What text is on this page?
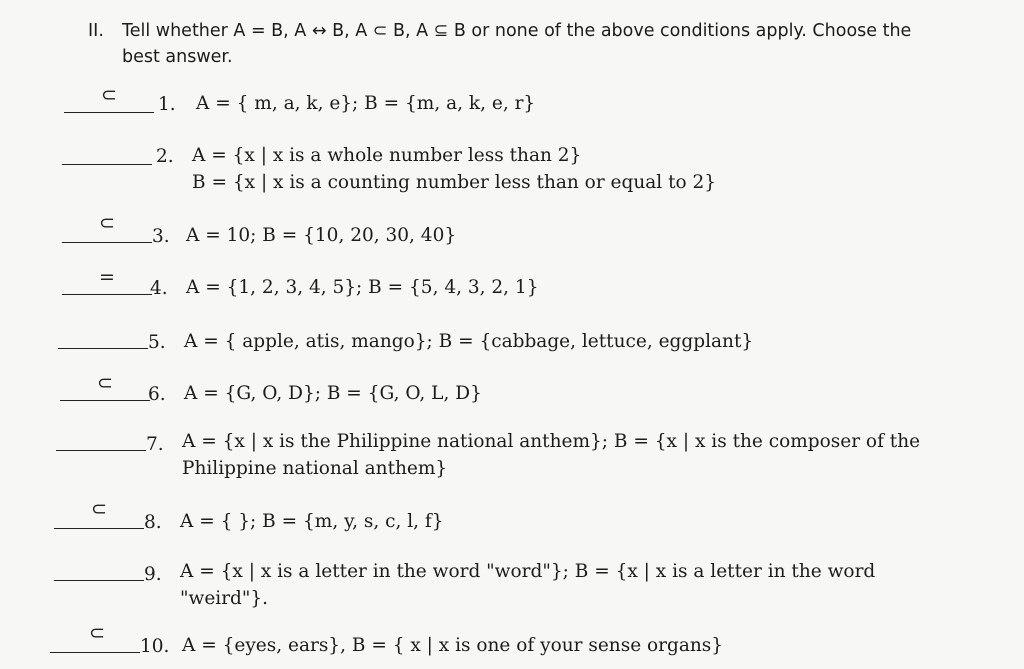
II. Tell whether A = B, A ↔ B, A ⊂ B, A ⊆ B or none of the above conditions apply. Choose the
best answer.
⊂	1. A = { m, a, k, e}; B = {m, a, k, e, r}
2. A = {x | x is a whole number less than 2}
B = {x | x is a counting number less than or equal to 2}
⊂
3. A = 10; B = {10, 20, 30, 40}
=
4. A = {1, 2, 3, 4, 5}; B = {5, 4, 3, 2, 1}
5. A = { apple, atis, mango}; B = {cabbage, lettuce, eggplant}
⊂
6. A = {G, O, D}; B = {G, O, L, D}
7. A = {x | x is the Philippine national anthem}; B = {x | x is the composer of the
Philippine national anthem}
⊂
8. A = { }; B = {m, y, s, c, l, f}
9. A = {x | x is a letter in the word "word"}; B = {x | x is a letter in the word
"weird"}.
⊂
10. A = {eyes, ears}, B = { x | x is one of your sense organs}
